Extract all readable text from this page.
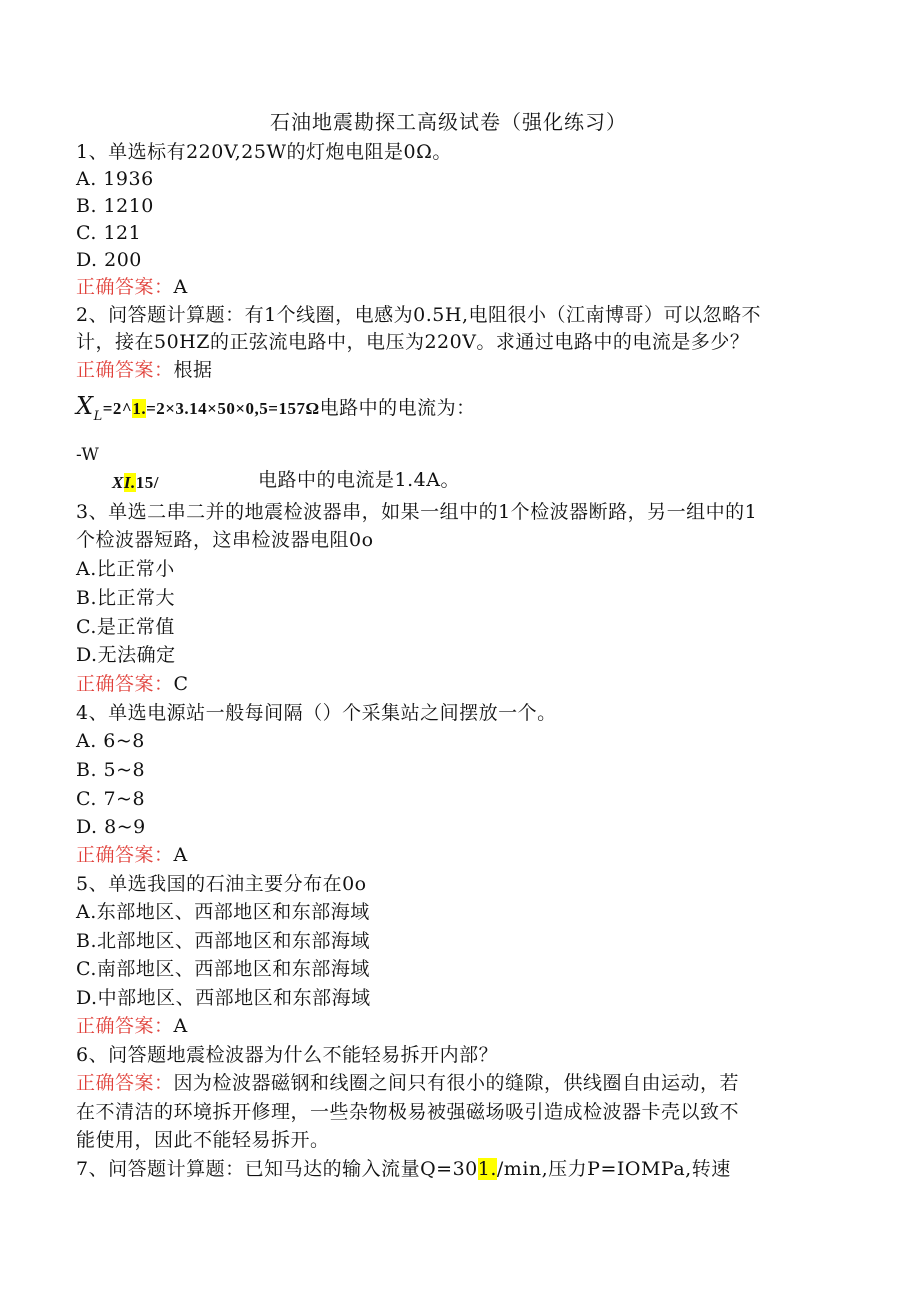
石油地震勘探工高级试卷（强化练习）
1、单选标有220V,25W的灯炮电阻是0Ω。
A. 1936
B. 1210
C. 121
D. 200
正确答案：A
2、问答题计算题：有1个线圈，电感为0.5H,电阻很小（江南博哥）可以忽略不
计，接在50HZ的正弦流电路中，电压为220V。求通过电路中的电流是多少？
正确答案：根据
$X_L=2\^{}1.=2\times 3.14\times 50\times 0,5=157\Omega$电路中的电流为：
-W
XI.15/	电路中的电流是1.4A。
3、单选二串二并的地震检波器串，如果一组中的1个检波器断路，另一组中的1
个检波器短路，这串检波器电阻0o
A.比正常小
B.比正常大
C.是正常值
D.无法确定
正确答案：C
4、单选电源站一般每间隔（）个采集站之间摆放一个。
A. 6~8
B. 5~8
C. 7~8
D. 8~9
正确答案：A
5、单选我国的石油主要分布在0o
A.东部地区、西部地区和东部海域
B.北部地区、西部地区和东部海域
C.南部地区、西部地区和东部海域
D.中部地区、西部地区和东部海域
正确答案：A
6、问答题地震检波器为什么不能轻易拆开内部？
正确答案：因为检波器磁钢和线圈之间只有很小的缝隙，供线圈自由运动，若
在不清洁的环境拆开修理，一些杂物极易被强磁场吸引造成检波器卡壳以致不
能使用，因此不能轻易拆开。
7、问答题计算题：已知马达的输入流量Q=301./min,压力P=IOMPa,转速
